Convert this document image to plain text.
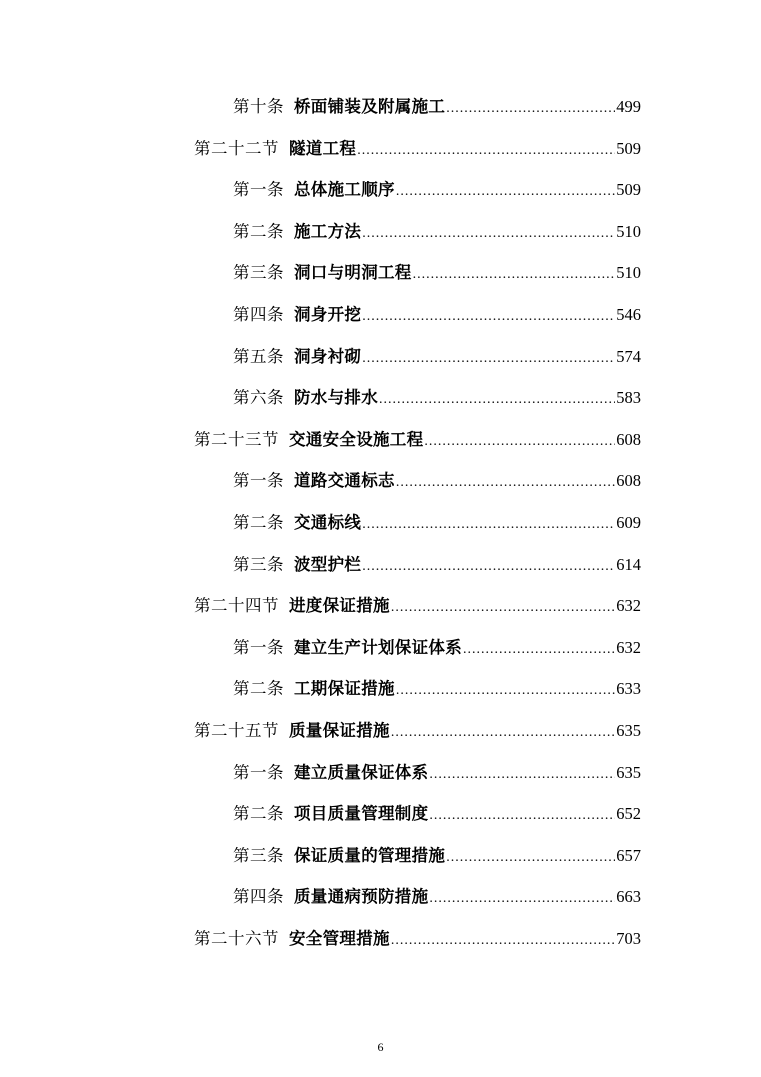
第十条 桥面铺装及附属施工 .....	499
第二十二节 隧道工程 .....	509
第一条 总体施工顺序 .....	509
第二条 施工方法 .....	510
第三条 洞口与明洞工程 .....	510
第四条 洞身开挖 .....	546
第五条 洞身衬砌 .....	574
第六条 防水与排水 .....	583
第二十三节 交通安全设施工程 .....	608
第一条 道路交通标志 .....	608
第二条 交通标线 .....	609
第三条 波型护栏 .....	614
第二十四节 进度保证措施 .....	632
第一条 建立生产计划保证体系 .....	632
第二条 工期保证措施 .....	633
第二十五节 质量保证措施 .....	635
第一条 建立质量保证体系 .....	635
第二条 项目质量管理制度 .....	652
第三条 保证质量的管理措施 .....	657
第四条 质量通病预防措施 .....	663
第二十六节 安全管理措施 .....	703
6
